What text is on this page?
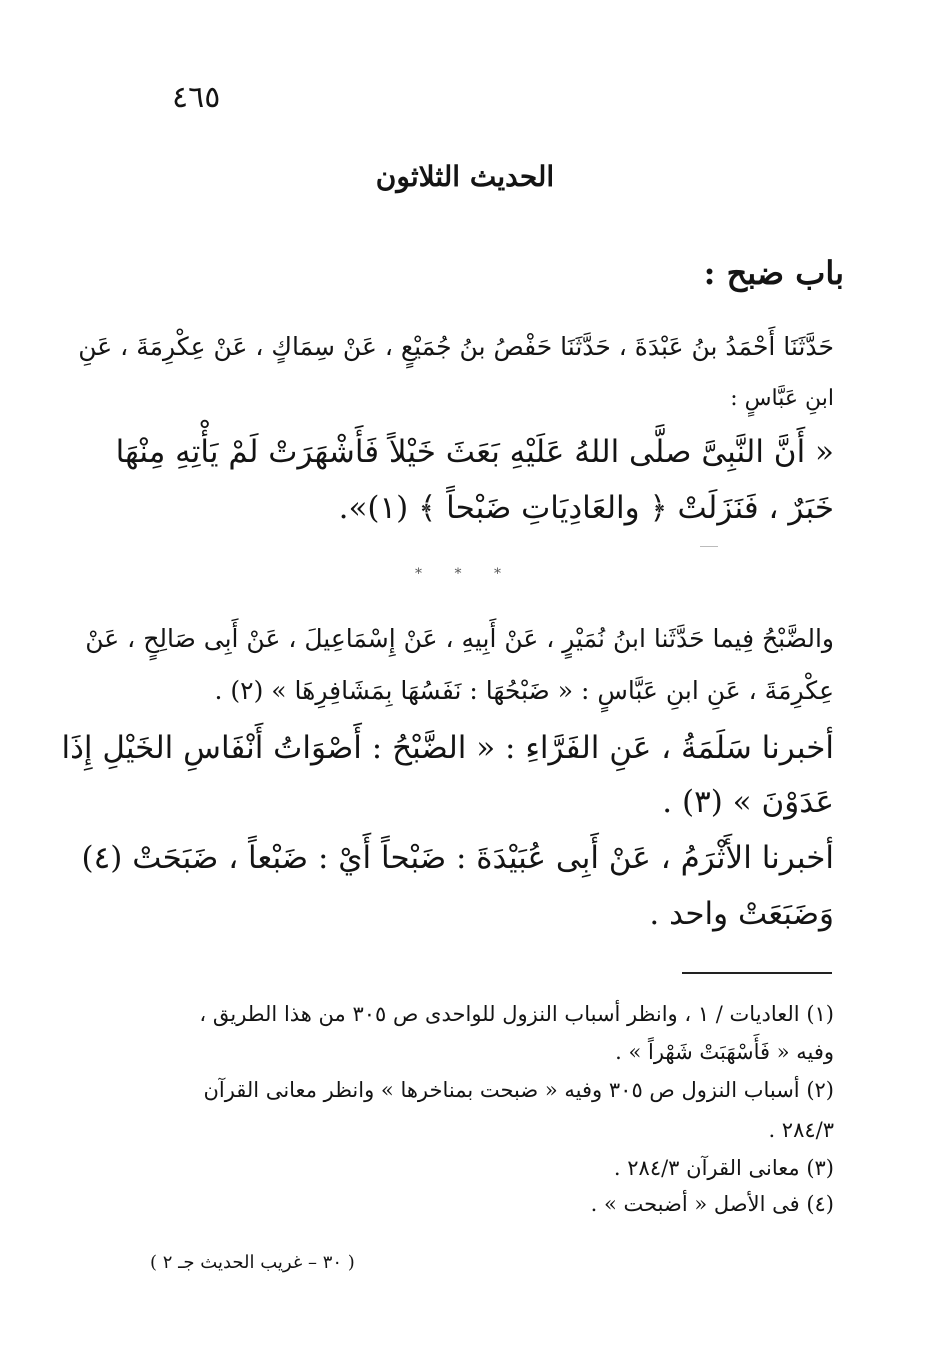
٤٦٥
الحديث الثلاثون
باب ضبح :
حَدَّثَنَا أَحْمَدُ بنُ عَبْدَةَ ، حَدَّثَنَا حَفْصُ بنُ جُمَيْعٍ ، عَنْ سِمَاكٍ ، عَنْ عِكْرِمَةَ ، عَنِ
ابنِ عَبَّاسٍ :
« أَنَّ النَّبِىَّ صلَّى اللهُ عَلَيْهِ بَعَثَ خَيْلاً فَأَشْهَرَتْ لَمْ يَأْتِهِ مِنْهَا
خَبَرٌ ، فَنَزَلَتْ ﴿ والعَادِيَاتِ ضَبْحاً ﴾ (١)».
* * *
والضَّبْحُ فِيما حَدَّثَنا ابنُ نُمَيْرٍ ، عَنْ أَبِيهِ ، عَنْ إِسْمَاعِيلَ ، عَنْ أَبِى صَالِحٍ ، عَنْ
عِكْرِمَةَ ، عَنِ ابنِ عَبَّاسٍ : « ضَبْحُهَا : نَفَسُهَا بِمَشَافِرِهَا » (٢) .
أخبرنا سَلَمَةُ ، عَنِ الفَرَّاءِ : « الضَّبْحُ : أَصْوَاتُ أَنْفَاسِ الخَيْلِ إِذَا
عَدَوْنَ » (٣) .
أخبرنا الأَثْرَمُ ، عَنْ أَبِى عُبَيْدَةَ : ضَبْحاً أَيْ : ضَبْعاً ، ضَبَحَتْ (٤)
وَضَبَعَتْ واحد .
(١) العاديات / ١ ، وانظر أسباب النزول للواحدى ص ٣٠٥ من هذا الطريق ،
وفيه « فَأَسْهَبَتْ شَهْراً » .
(٢) أسباب النزول ص ٣٠٥ وفيه « ضبحت بمناخرها » وانظر معانى القرآن
٢٨٤/٣ .
(٣) معانى القرآن ٢٨٤/٣ .
(٤) فى الأصل « أضبحت » .
( ٣٠ – غريب الحديث جـ ٢ )
